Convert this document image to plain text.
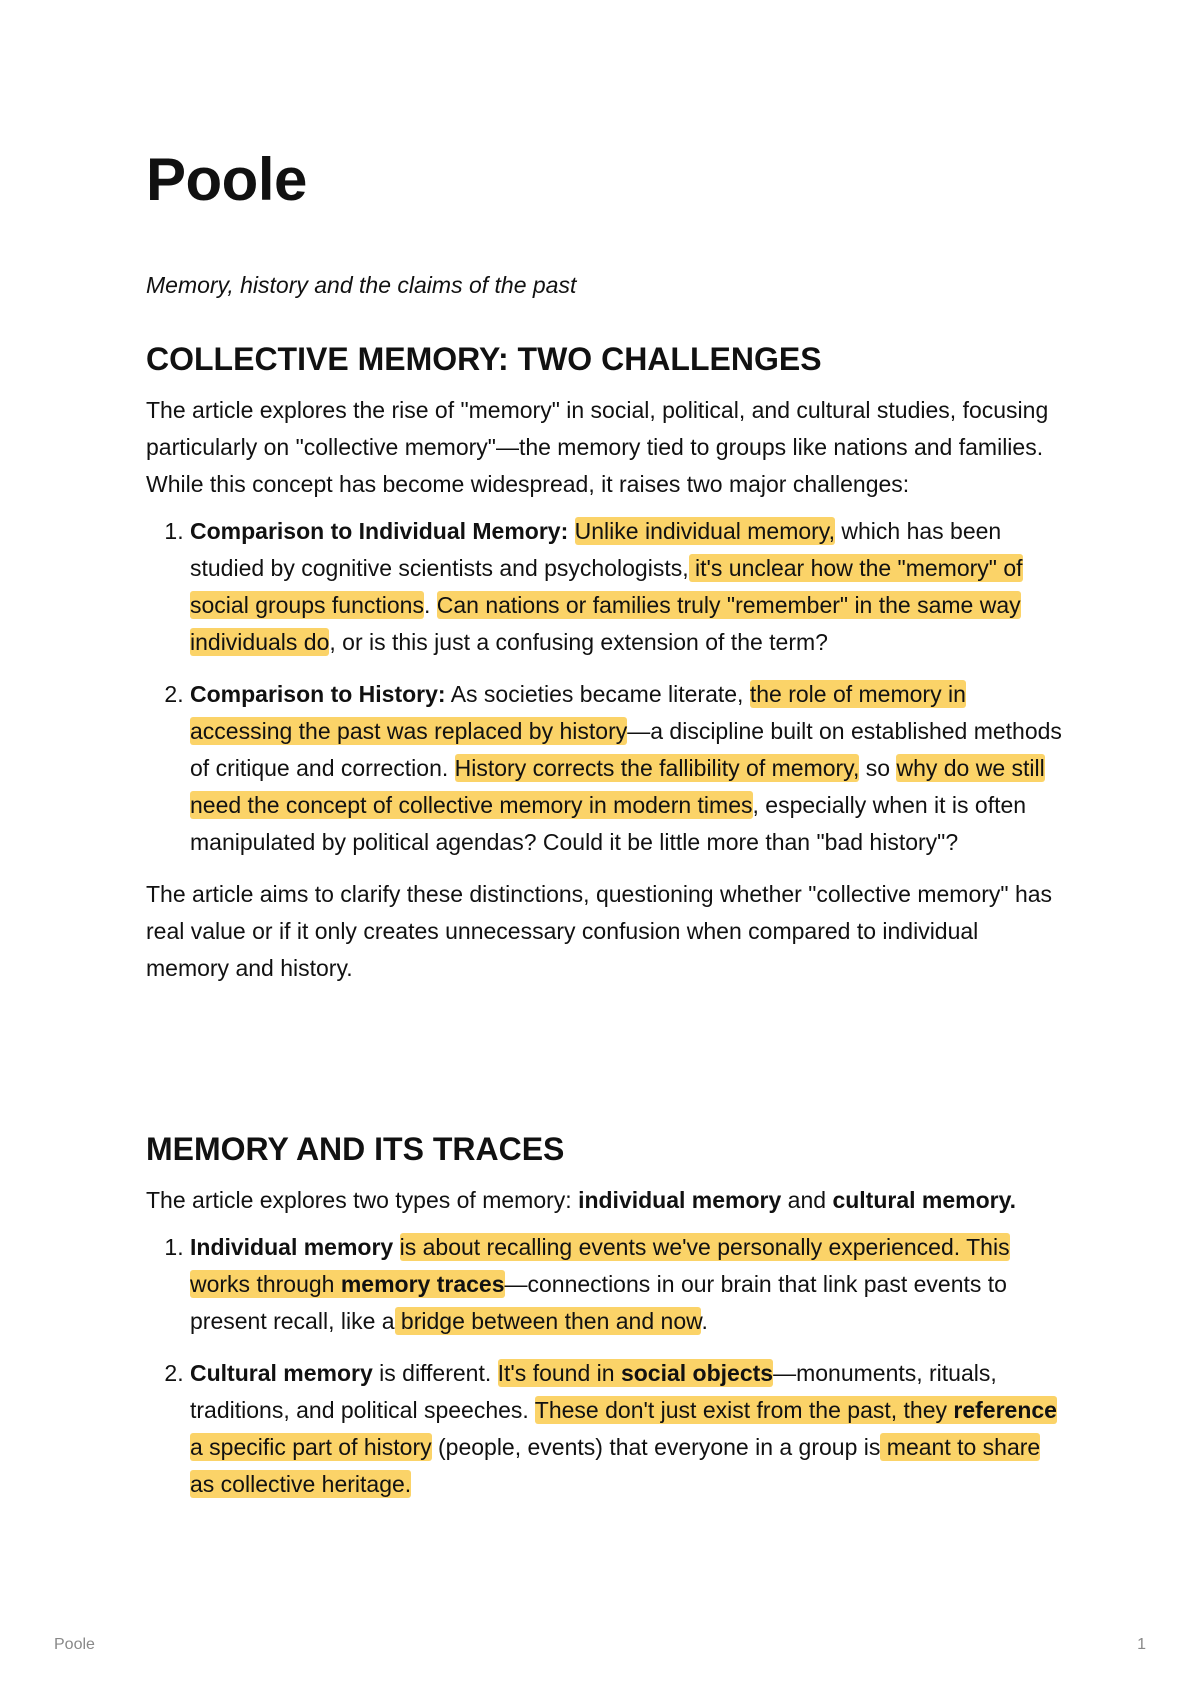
Poole

Memory, history and the claims of the past

COLLECTIVE MEMORY: TWO CHALLENGES

The article explores the rise of "memory" in social, political, and cultural studies, focusing particularly on "collective memory"—the memory tied to groups like nations and families. While this concept has become widespread, it raises two major challenges:

1. Comparison to Individual Memory: Unlike individual memory, which has been studied by cognitive scientists and psychologists, it's unclear how the "memory" of social groups functions. Can nations or families truly "remember" in the same way individuals do, or is this just a confusing extension of the term?
2. Comparison to History: As societies became literate, the role of memory in accessing the past was replaced by history—a discipline built on established methods of critique and correction. History corrects the fallibility of memory, so why do we still need the concept of collective memory in modern times, especially when it is often manipulated by political agendas? Could it be little more than "bad history"?

The article aims to clarify these distinctions, questioning whether "collective memory" has real value or if it only creates unnecessary confusion when compared to individual memory and history.

MEMORY AND ITS TRACES

The article explores two types of memory: individual memory and cultural memory.

1. Individual memory is about recalling events we've personally experienced. This works through memory traces—connections in our brain that link past events to present recall, like a bridge between then and now.
2. Cultural memory is different. It's found in social objects—monuments, rituals, traditions, and political speeches. These don't just exist from the past, they reference a specific part of history (people, events) that everyone in a group is meant to share as collective heritage.
Poole	1
